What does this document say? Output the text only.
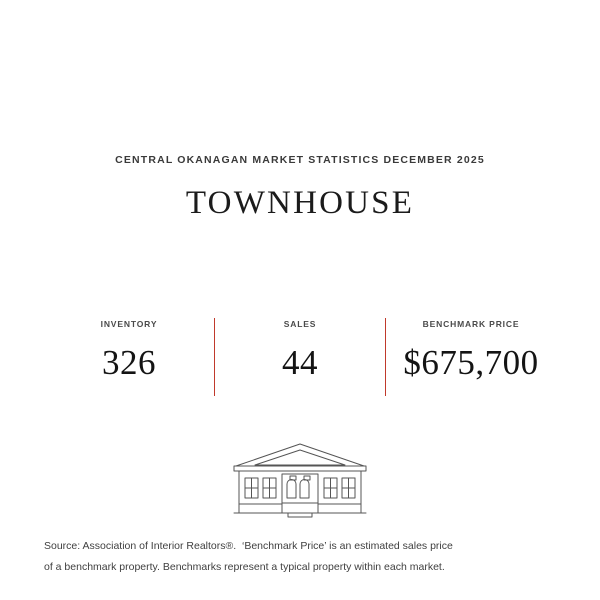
CENTRAL OKANAGAN MARKET STATISTICS DECEMBER 2025
TOWNHOUSE
INVENTORY
326
SALES
44
BENCHMARK PRICE
$675,700
Source: Association of Interior Realtors®.  ‘Benchmark Price’ is an estimated sales price
of a benchmark property. Benchmarks represent a typical property within each market.
